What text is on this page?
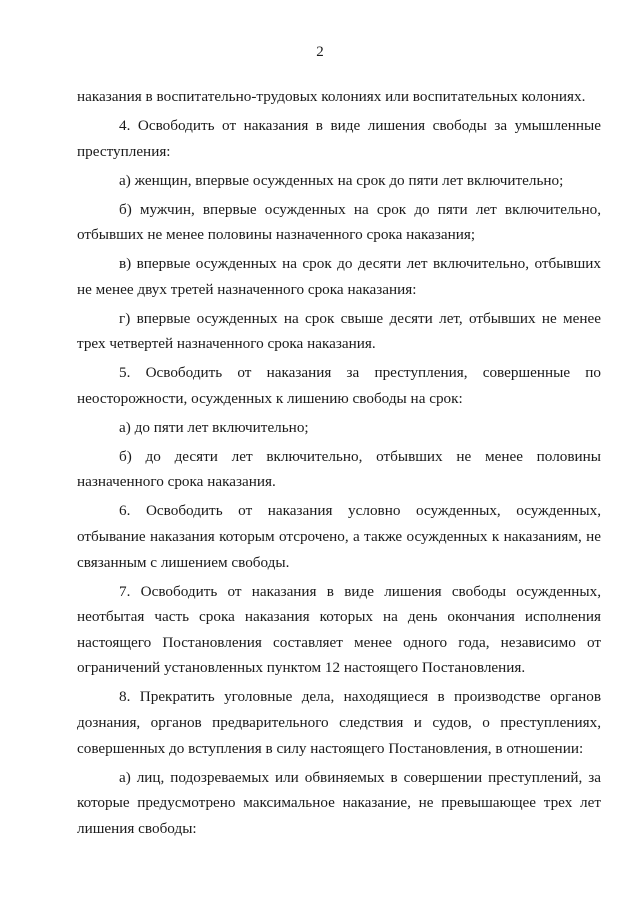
2

наказания в воспитательно-трудовых колониях или воспитательных колониях.

4. Освободить от наказания в виде лишения свободы за умышленные преступления:

а) женщин, впервые осужденных на срок до пяти лет включительно;

б) мужчин, впервые осужденных на срок до пяти лет включительно, отбывших не менее половины назначенного срока наказания;

в) впервые осужденных на срок до десяти лет включительно, отбывших не менее двух третей назначенного срока наказания:

г) впервые осужденных на срок свыше десяти лет, отбывших не менее трех четвертей назначенного срока наказания.

5. Освободить от наказания за преступления, совершенные по неосторожности, осужденных к лишению свободы на срок:

а) до пяти лет включительно;

б) до десяти лет включительно, отбывших не менее половины назначенного срока наказания.

6. Освободить от наказания условно осужденных, осужденных, отбывание наказания которым отсрочено, а также осужденных к наказаниям, не связанным с лишением свободы.

7. Освободить от наказания в виде лишения свободы осужденных, неотбытая часть срока наказания которых на день окончания исполнения настоящего Постановления составляет менее одного года, независимо от ограничений установленных пунктом 12 настоящего Постановления.

8. Прекратить уголовные дела, находящиеся в производстве органов дознания, органов предварительного следствия и судов, о преступлениях, совершенных до вступления в силу настоящего Постановления, в отношении:

а) лиц, подозреваемых или обвиняемых в совершении преступлений, за которые предусмотрено максимальное наказание, не превышающее трех лет лишения свободы:
